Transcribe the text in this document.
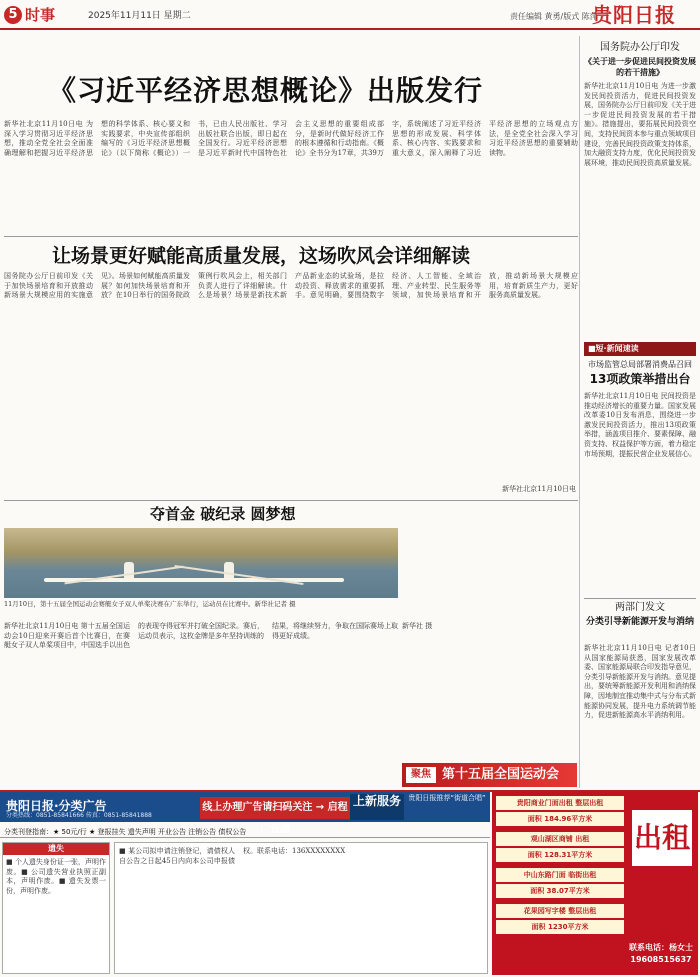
5 时事	2025年11月11日 星期二	责任编辑 黄勇/版式 陈萍
贵阳日报
《习近平经济思想概论》出版发行
新华社北京11月10日电 为深入学习贯彻习近平经济思想，推动全党全社会全面准确理解和把握习近平经济思想的科学体系、核心要义和实践要求，中央宣传部组织编写的《习近平经济思想概论》（以下简称《概论》）一书，已由人民出版社、学习出版社联合出版，即日起在全国发行。习近平经济思想是习近平新时代中国特色社会主义思想的重要组成部分，是新时代做好经济工作的根本遵循和行动指南。《概论》全书分为17章，共39万字，系统阐述了习近平经济思想的形成发展、科学体系、核心内容、实践要求和重大意义，深入阐释了习近平经济思想的立场观点方法，是全党全社会深入学习习近平经济思想的重要辅助读物。
让场景更好赋能高质量发展，这场吹风会详细解读
国务院办公厅日前印发《关于加快场景培育和开放推动新场景大规模应用的实施意见》。场景如何赋能高质量发展？如何加快场景培育和开放？在10日举行的国务院政策例行吹风会上，相关部门负责人进行了详细解读。什么是场景？场景是新技术新产品新业态的试验场，是拉动投资、释放需求的重要抓手。意见明确，要围绕数字经济、人工智能、全域治理、产业转型、民生服务等领域，加快场景培育和开放，推动新场景大规模应用，培育新质生产力，更好服务高质量发展。
新华社北京11月10日电
夺首金 破纪录 圆梦想
11月10日，第十五届全国运动会赛艇女子双人单桨决赛在广东举行，运动员在比赛中。新华社记者 摄
新华社北京11月10日电 第十五届全国运动会10日迎来开赛后首个比赛日，在赛艇女子双人单桨项目中，中国选手以出色的表现夺得冠军并打破全国纪录。赛后，运动员表示，这枚金牌是多年坚持训练的结果，将继续努力，争取在国际赛场上取得更好成绩。
新华社 摄
聚焦 第十五届全国运动会
国务院办公厅印发
《关于进一步促进民间投资发展的若干措施》
新华社北京11月10日电 为进一步激发民间投资活力，促进民间投资发展，国务院办公厅日前印发《关于进一步促进民间投资发展的若干措施》。措施提出，要拓展民间投资空间，支持民间资本参与重点领域项目建设，完善民间投资政策支持体系，加大融资支持力度，优化民间投资发展环境，推动民间投资高质量发展。
■短·新闻速读
市场监管总局部署消费品召回
13项政策举措出台
新华社北京11月10日电 民间投资是推动经济增长的重要力量。国家发展改革委10日发布消息，围绕进一步激发民间投资活力，推出13项政策举措，涵盖项目推介、要素保障、融资支持、权益保护等方面，着力稳定市场预期，提振民营企业发展信心。
两部门发文
分类引导新能源开发与消纳
新华社北京11月10日电 记者10日从国家能源局获悉，国家发展改革委、国家能源局联合印发指导意见，分类引导新能源开发与消纳。意见提出，要统筹新能源开发利用和消纳保障，因地制宜推动集中式与分布式新能源协同发展，提升电力系统调节能力，促进新能源高水平消纳利用。
贵阳日报·分类广告
分类热线：0851-85841666 传真：0851-85841888
线上办理广告请扫码关注 → 启程广告通
上新服务	贵阳日报推荐“街道合唱”
分类刊登指南：★ 50元/行 ★ 登报挂失 遗失声明 开业公告 注销公告 债权公告
遗失
■ 个人遗失身份证一张，声明作废。■ 公司遗失营业执照正副本，声明作废。■ 遗失发票一份，声明作废。
■ 某公司拟申请注销登记，请债权人自公告之日起45日内向本公司申报债权。联系电话：136XXXXXXXX
贵阳商业门面出租 整层出租
面积 184.96平方米
观山湖区商铺 出租
面积 128.31平方米
中山东路门面 临街出租
面积 38.07平方米
花果园写字楼 整层出租
面积 1230平方米
出租
联系电话：杨女士 19608515637
